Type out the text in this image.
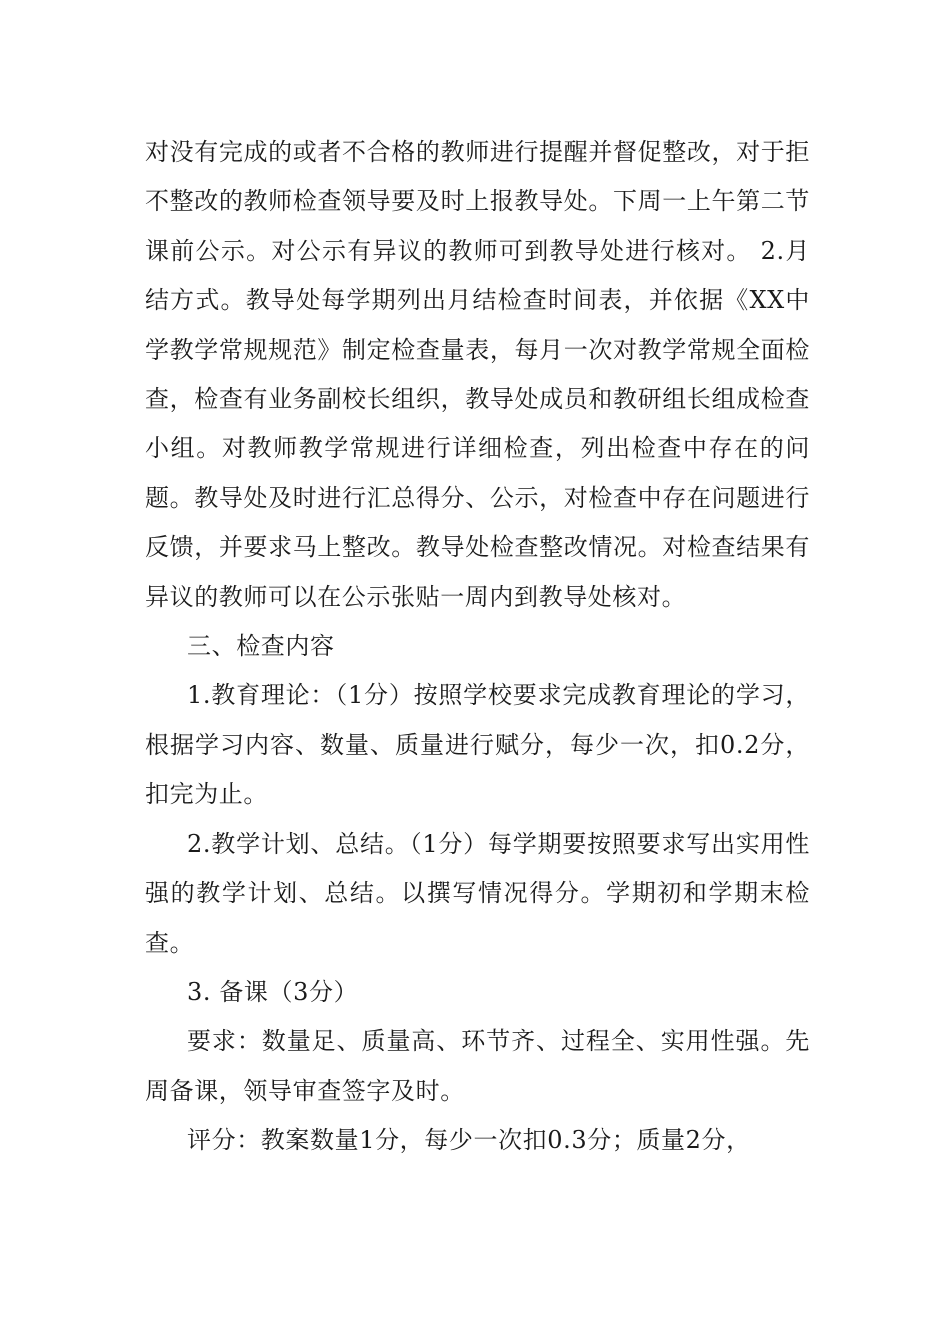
对没有完成的或者不合格的教师进行提醒并督促整改，对于拒不整改的教师检查领导要及时上报教导处。下周一上午第二节课前公示。对公示有异议的教师可到教导处进行核对。 2.月结方式。教导处每学期列出月结检查时间表，并依据《XX中学教学常规规范》制定检查量表，每月一次对教学常规全面检查，检查有业务副校长组织，教导处成员和教研组长组成检查小组。对教师教学常规进行详细检查，列出检查中存在的问题。教导处及时进行汇总得分、公示，对检查中存在问题进行反馈，并要求马上整改。教导处检查整改情况。对检查结果有异议的教师可以在公示张贴一周内到教导处核对。

三、检查内容

1.教育理论：（1分）按照学校要求完成教育理论的学习，根据学习内容、数量、质量进行赋分，每少一次，扣0.2分，扣完为止。

2.教学计划、总结。（1分）每学期要按照要求写出实用性强的教学计划、总结。以撰写情况得分。学期初和学期末检查。

3. 备课（3分）

要求：数量足、质量高、环节齐、过程全、实用性强。先周备课，领导审查签字及时。

评分：教案数量1分，每少一次扣0.3分；质量2分，
